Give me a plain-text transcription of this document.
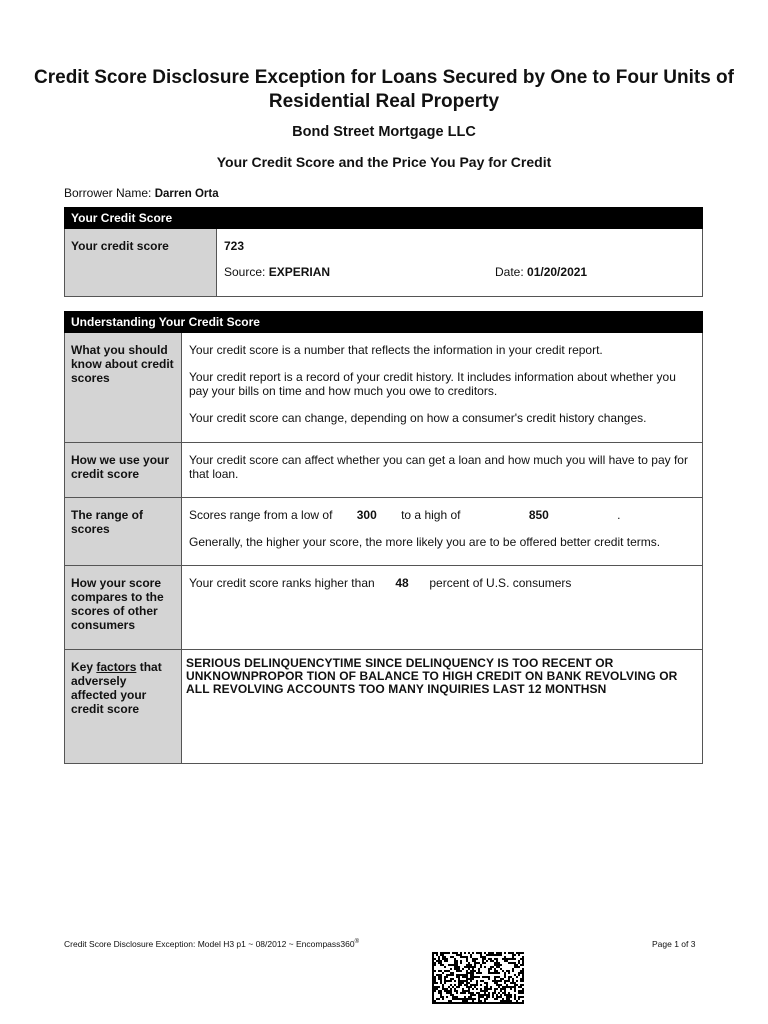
Credit Score Disclosure Exception for Loans Secured by One to Four Units of Residential Real Property
Bond Street Mortgage LLC
Your Credit Score and the Price You Pay for Credit
Borrower Name: Darren Orta
Your Credit Score
Your credit score	723
Source: EXPERIAN	Date: 01/20/2021
Understanding Your Credit Score	
What you should know about credit scores	Your credit score is a number that reflects the information in your credit report.

Your credit report is a record of your credit history. It includes information about whether you pay your bills on time and how much you owe to creditors.

Your credit score can change, depending on how a consumer's credit history changes.

How we use your credit score	Your credit score can affect whether you can get a loan and how much you will have to pay for that loan.

The range of scores	Scores range from a low of 300 to a high of 850 .

Generally, the higher your score, the more likely you are to be offered better credit terms.

How your score compares to the scores of other consumers	Your credit score ranks higher than 48 percent of U.S. consumers

Key factors that adversely affected your credit score	SERIOUS DELINQUENCYTIME SINCE DELINQUENCY IS TOO RECENT OR UNKNOWNPROPOR TION OF BALANCE TO HIGH CREDIT ON BANK REVOLVING OR ALL REVOLVING ACCOUNTS TOO MANY INQUIRIES LAST 12 MONTHSN
Credit Score Disclosure Exception: Model H3 p1 ~ 08/2012 ~ Encompass360®	Page 1 of 3
